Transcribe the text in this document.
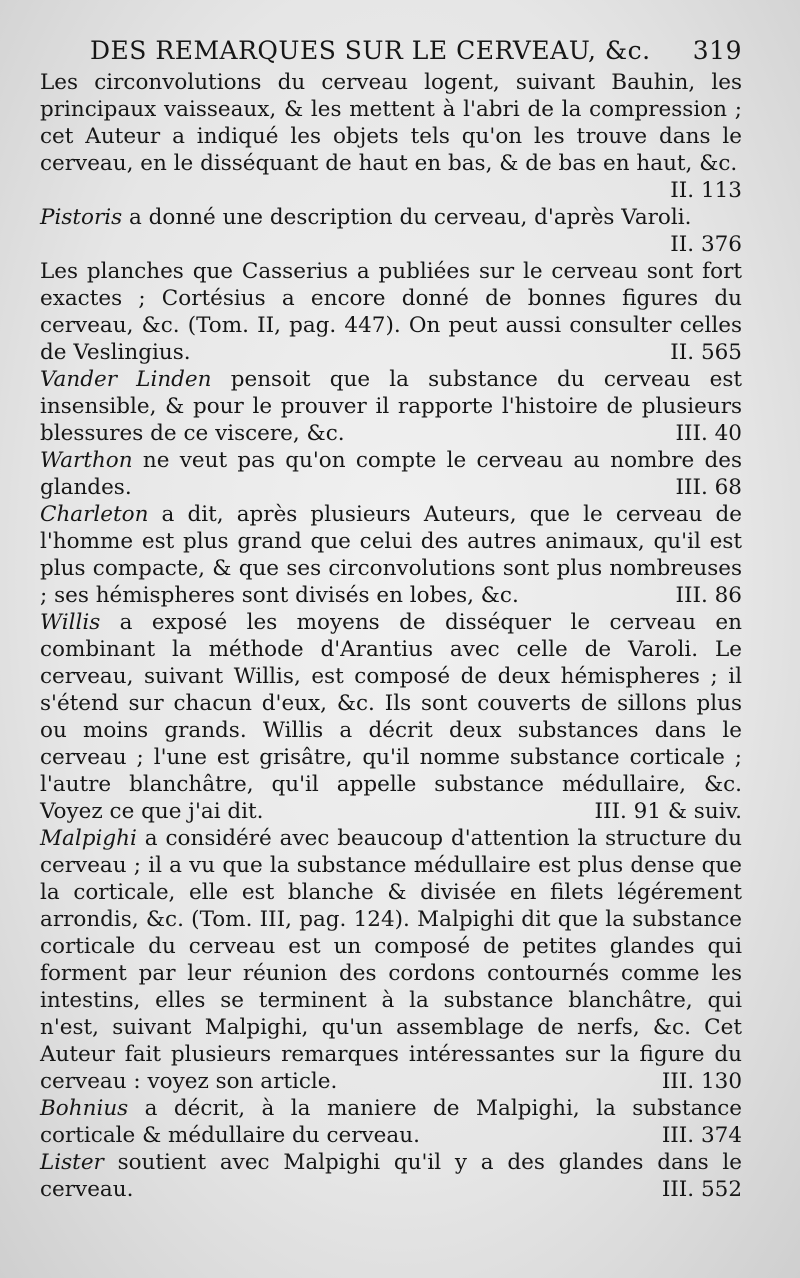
DES REMARQUES SUR LE CERVEAU, &c. 319

Les circonvolutions du cerveau logent, suivant Bauhin, les principaux vaisseaux, & les mettent à l'abri de la compression ; cet Auteur a indiqué les objets tels qu'on les trouve dans le cerveau, en le disséquant de haut en bas, & de bas en haut, &c.
II. 113

Pistoris a donné une description du cerveau, d'après Varoli.
II. 376

Les planches que Casserius a publiées sur le cerveau sont fort exactes ; Cortésius a encore donné de bonnes figures du cerveau, &c. (Tom. II, pag. 447). On peut aussi consulter celles de Veslingius.	II. 565

Vander Linden pensoit que la substance du cerveau est insensible, & pour le prouver il rapporte l'histoire de plusieurs blessures de ce viscere, &c.	III. 40

Warthon ne veut pas qu'on compte le cerveau au nombre des glandes.	III. 68

Charleton a dit, après plusieurs Auteurs, que le cerveau de l'homme est plus grand que celui des autres animaux, qu'il est plus compacte, & que ses circonvolutions sont plus nombreuses ; ses hémispheres sont divisés en lobes, &c.	III. 86

Willis a exposé les moyens de disséquer le cerveau en combinant la méthode d'Arantius avec celle de Varoli. Le cerveau, suivant Willis, est composé de deux hémispheres ; il s'étend sur chacun d'eux, &c. Ils sont couverts de sillons plus ou moins grands. Willis a décrit deux substances dans le cerveau ; l'une est grisâtre, qu'il nomme substance corticale ; l'autre blanchâtre, qu'il appelle substance médullaire, &c. Voyez ce que j'ai dit.	III. 91 & suiv.

Malpighi a considéré avec beaucoup d'attention la structure du cerveau ; il a vu que la substance médullaire est plus dense que la corticale, elle est blanche & divisée en filets légérement arrondis, &c. (Tom. III, pag. 124). Malpighi dit que la substance corticale du cerveau est un composé de petites glandes qui forment par leur réunion des cordons contournés comme les intestins, elles se terminent à la substance blanchâtre, qui n'est, suivant Malpighi, qu'un assemblage de nerfs, &c. Cet Auteur fait plusieurs remarques intéressantes sur la figure du cerveau : voyez son article.	III. 130

Bohnius a décrit, à la maniere de Malpighi, la substance corticale & médullaire du cerveau.	III. 374

Lister soutient avec Malpighi qu'il y a des glandes dans le cerveau.	III. 552
